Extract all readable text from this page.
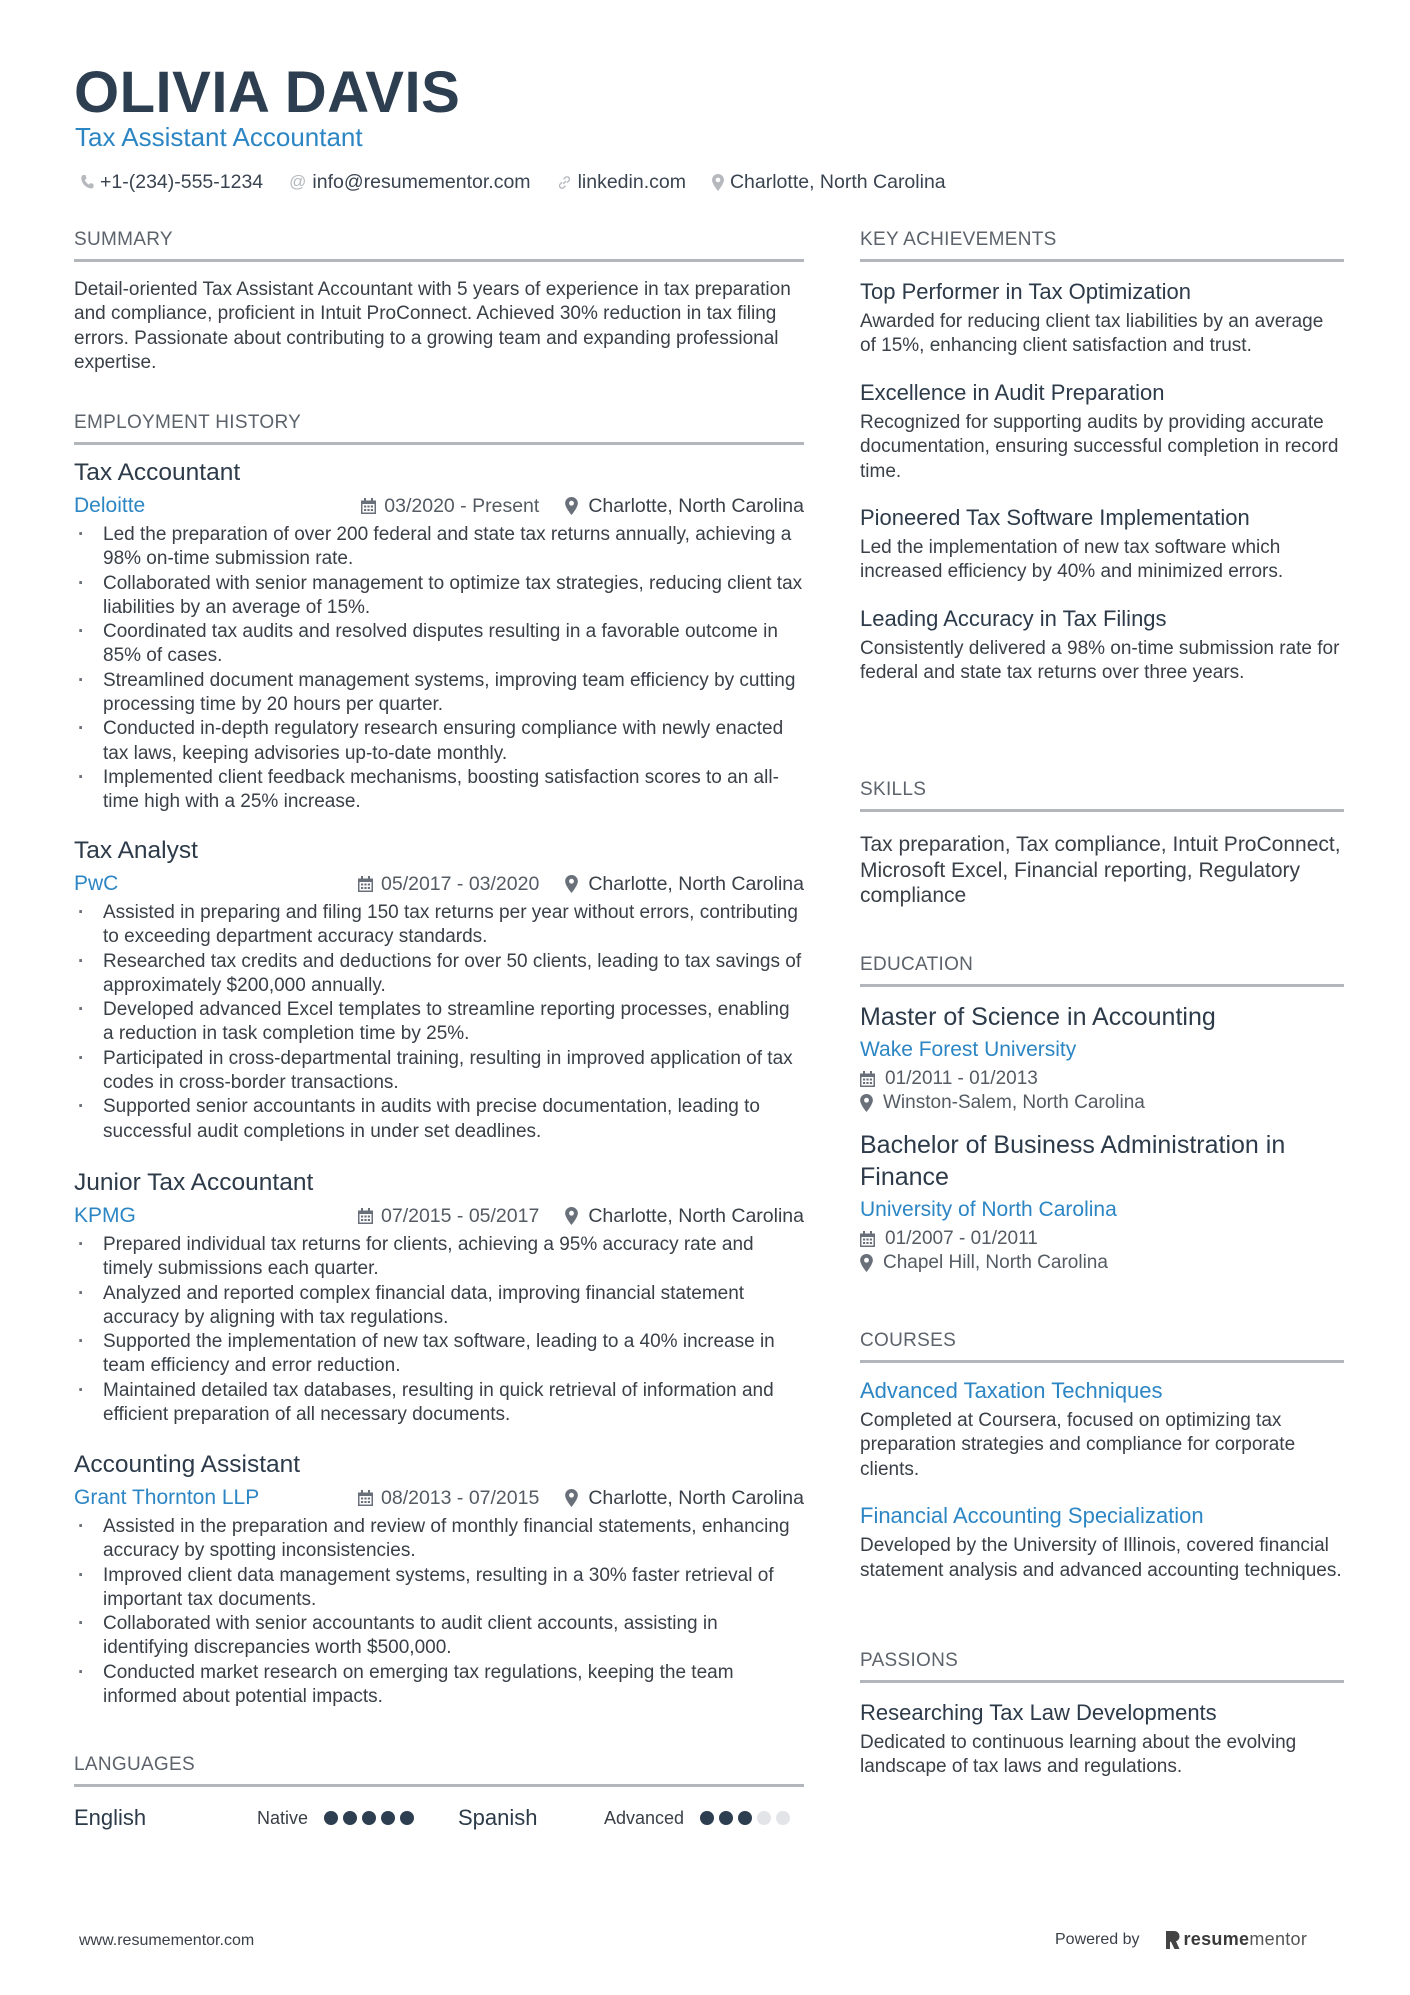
OLIVIA DAVIS
Tax Assistant Accountant
+1-(234)-555-1234 @ info@resumementor.com linkedin.com Charlotte, North Carolina
SUMMARY
Detail-oriented Tax Assistant Accountant with 5 years of experience in tax preparation and compliance, proficient in Intuit ProConnect. Achieved 30% reduction in tax filing errors. Passionate about contributing to a growing team and expanding professional expertise.
EMPLOYMENT HISTORY
Tax Accountant
Deloitte	03/2020 - Present	Charlotte, North Carolina
· Led the preparation of over 200 federal and state tax returns annually, achieving a 98% on-time submission rate.
· Collaborated with senior management to optimize tax strategies, reducing client tax liabilities by an average of 15%.
· Coordinated tax audits and resolved disputes resulting in a favorable outcome in 85% of cases.
· Streamlined document management systems, improving team efficiency by cutting processing time by 20 hours per quarter.
· Conducted in-depth regulatory research ensuring compliance with newly enacted tax laws, keeping advisories up-to-date monthly.
· Implemented client feedback mechanisms, boosting satisfaction scores to an all-time high with a 25% increase.
Tax Analyst
PwC	05/2017 - 03/2020	Charlotte, North Carolina
· Assisted in preparing and filing 150 tax returns per year without errors, contributing to exceeding department accuracy standards.
· Researched tax credits and deductions for over 50 clients, leading to tax savings of approximately $200,000 annually.
· Developed advanced Excel templates to streamline reporting processes, enabling a reduction in task completion time by 25%.
· Participated in cross-departmental training, resulting in improved application of tax codes in cross-border transactions.
· Supported senior accountants in audits with precise documentation, leading to successful audit completions in under set deadlines.
Junior Tax Accountant
KPMG	07/2015 - 05/2017	Charlotte, North Carolina
· Prepared individual tax returns for clients, achieving a 95% accuracy rate and timely submissions each quarter.
· Analyzed and reported complex financial data, improving financial statement accuracy by aligning with tax regulations.
· Supported the implementation of new tax software, leading to a 40% increase in team efficiency and error reduction.
· Maintained detailed tax databases, resulting in quick retrieval of information and efficient preparation of all necessary documents.
Accounting Assistant
Grant Thornton LLP	08/2013 - 07/2015	Charlotte, North Carolina
· Assisted in the preparation and review of monthly financial statements, enhancing accuracy by spotting inconsistencies.
· Improved client data management systems, resulting in a 30% faster retrieval of important tax documents.
· Collaborated with senior accountants to audit client accounts, assisting in identifying discrepancies worth $500,000.
· Conducted market research on emerging tax regulations, keeping the team informed about potential impacts.
LANGUAGES
English	Native	Spanish	Advanced
KEY ACHIEVEMENTS
Top Performer in Tax Optimization
Awarded for reducing client tax liabilities by an average of 15%, enhancing client satisfaction and trust.
Excellence in Audit Preparation
Recognized for supporting audits by providing accurate documentation, ensuring successful completion in record time.
Pioneered Tax Software Implementation
Led the implementation of new tax software which increased efficiency by 40% and minimized errors.
Leading Accuracy in Tax Filings
Consistently delivered a 98% on-time submission rate for federal and state tax returns over three years.
SKILLS
Tax preparation, Tax compliance, Intuit ProConnect, Microsoft Excel, Financial reporting, Regulatory compliance
EDUCATION
Master of Science in Accounting
Wake Forest University
01/2011 - 01/2013
Winston-Salem, North Carolina
Bachelor of Business Administration in Finance
University of North Carolina
01/2007 - 01/2011
Chapel Hill, North Carolina
COURSES
Advanced Taxation Techniques
Completed at Coursera, focused on optimizing tax preparation strategies and compliance for corporate clients.
Financial Accounting Specialization
Developed by the University of Illinois, covered financial statement analysis and advanced accounting techniques.
PASSIONS
Researching Tax Law Developments
Dedicated to continuous learning about the evolving landscape of tax laws and regulations.
www.resumementor.com	Powered by resumementor
